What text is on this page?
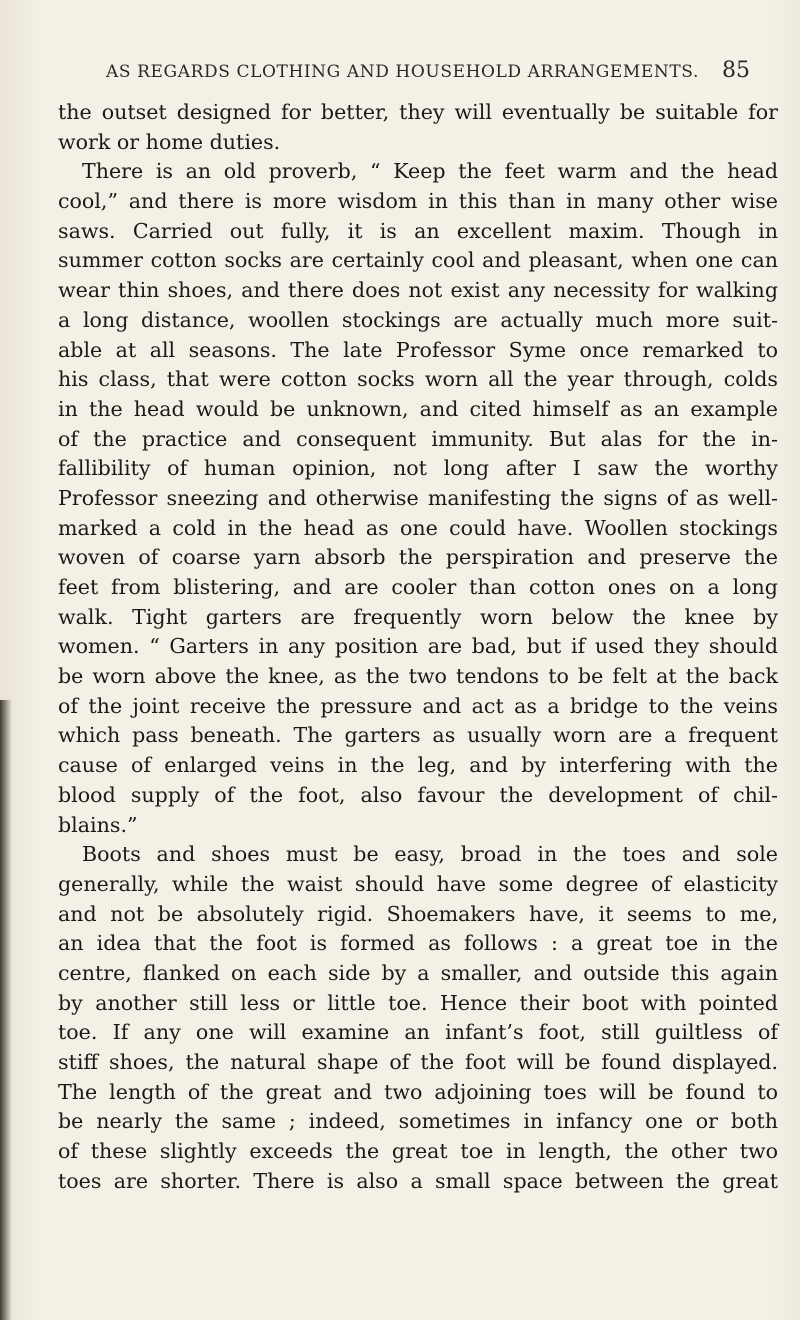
AS REGARDS CLOTHING AND HOUSEHOLD ARRANGEMENTS. 85
the outset designed for better, they will eventually be suitable for
work or home duties.
There is an old proverb, “ Keep the feet warm and the head
cool,” and there is more wisdom in this than in many other wise
saws. Carried out fully, it is an excellent maxim. Though in
summer cotton socks are certainly cool and pleasant, when one can
wear thin shoes, and there does not exist any necessity for walking
a long distance, woollen stockings are actually much more suit-
able at all seasons. The late Professor Syme once remarked to
his class, that were cotton socks worn all the year through, colds
in the head would be unknown, and cited himself as an example
of the practice and consequent immunity. But alas for the in-
fallibility of human opinion, not long after I saw the worthy
Professor sneezing and otherwise manifesting the signs of as well-
marked a cold in the head as one could have. Woollen stockings
woven of coarse yarn absorb the perspiration and preserve the
feet from blistering, and are cooler than cotton ones on a long
walk. Tight garters are frequently worn below the knee by
women. “ Garters in any position are bad, but if used they should
be worn above the knee, as the two tendons to be felt at the back
of the joint receive the pressure and act as a bridge to the veins
which pass beneath. The garters as usually worn are a frequent
cause of enlarged veins in the leg, and by interfering with the
blood supply of the foot, also favour the development of chil-
blains.”
Boots and shoes must be easy, broad in the toes and sole
generally, while the waist should have some degree of elasticity
and not be absolutely rigid. Shoemakers have, it seems to me,
an idea that the foot is formed as follows : a great toe in the
centre, flanked on each side by a smaller, and outside this again
by another still less or little toe. Hence their boot with pointed
toe. If any one will examine an infant’s foot, still guiltless of
stiff shoes, the natural shape of the foot will be found displayed.
The length of the great and two adjoining toes will be found to
be nearly the same ; indeed, sometimes in infancy one or both
of these slightly exceeds the great toe in length, the other two
toes are shorter. There is also a small space between the great
